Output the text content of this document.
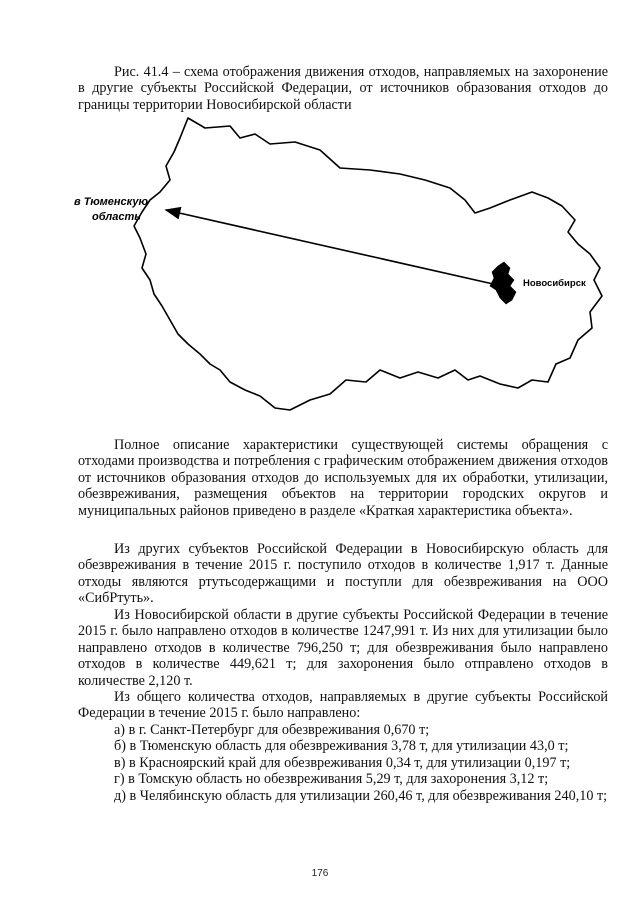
Рис. 41.4 – схема отображения движения отходов, направляемых на захоронение в другие субъекты Российской Федерации, от источников образования отходов до границы территории Новосибирской области
в Тюменскую
область
Новосибирск
Полное описание характеристики существующей системы обращения с отходами производства и потребления с графическим отображением движения отходов от источников образования отходов до используемых для их обработки, утилизации, обезвреживания, размещения объектов на территории городских округов и муниципальных районов приведено в разделе «Краткая характеристика объекта».
Из других субъектов Российской Федерации в Новосибирскую область для обезвреживания в течение 2015 г. поступило отходов в количестве 1,917 т. Данные отходы являются ртутьсодержащими и поступли для обезвреживания на ООО «СибРтуть».
Из Новосибирской области в другие субъекты Российской Федерации в течение 2015 г. было направлено отходов в количестве 1247,991 т. Из них для утилизации было направлено отходов в количестве 796,250 т; для обезвреживания было направлено отходов в количестве 449,621 т; для захоронения было отправлено отходов в количестве 2,120 т.
Из общего количества отходов, направляемых в другие субъекты Российской Федерации в течение 2015 г. было направлено:
а) в г. Санкт-Петербург для обезвреживания 0,670 т;
б) в Тюменскую область для обезвреживания 3,78 т, для утилизации 43,0 т;
в) в Красноярский край для обезвреживания 0,34 т, для утилизации 0,197 т;
г) в Томскую область но обезвреживания 5,29 т, для захоронения 3,12 т;
д) в Челябинскую область для утилизации 260,46 т, для обезвреживания 240,10 т;
176
